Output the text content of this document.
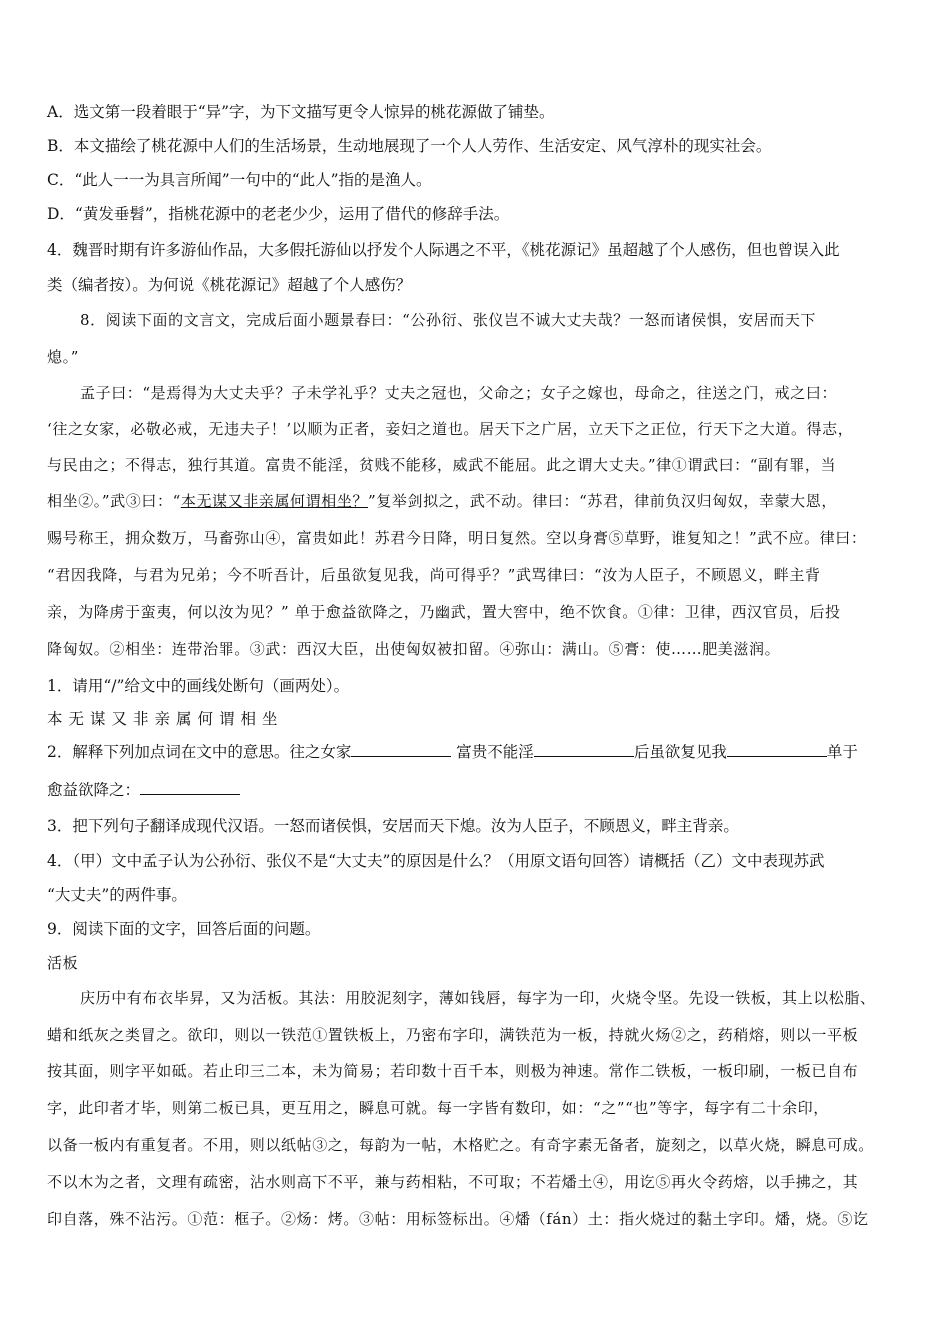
A．选文第一段着眼于“异”字，为下文描写更令人惊异的桃花源做了铺垫。
B．本文描绘了桃花源中人们的生活场景，生动地展现了一个人人劳作、生活安定、风气淳朴的现实社会。
C．“此人一一为具言所闻”一句中的“此人”指的是渔人。
D．“黄发垂髫”，指桃花源中的老老少少，运用了借代的修辞手法。
4．魏晋时期有许多游仙作品，大多假托游仙以抒发个人际遇之不平，《桃花源记》虽超越了个人感伤，但也曾误入此
类（编者按）。为何说《桃花源记》超越了个人感伤？
8．阅读下面的文言文，完成后面小题景春曰：“公孙衍、张仪岂不诚大丈夫哉？一怒而诸侯惧，安居而天下
熄。”
孟子曰：“是焉得为大丈夫乎？子未学礼乎？丈夫之冠也，父命之；女子之嫁也，母命之，往送之门，戒之曰：
‘往之女家，必敬必戒，无违夫子！’以顺为正者，妾妇之道也。居天下之广居，立天下之正位，行天下之大道。得志，
与民由之；不得志，独行其道。富贵不能淫，贫贱不能移，威武不能屈。此之谓大丈夫。”律①谓武曰：“副有罪，当
相坐②。”武③曰：“本无谋又非亲属何谓相坐？”复举剑拟之，武不动。律曰：“苏君，律前负汉归匈奴，幸蒙大恩，
赐号称王，拥众数万，马畜弥山④，富贵如此！苏君今日降，明日复然。空以身膏⑤草野，谁复知之！”武不应。律曰：
“君因我降，与君为兄弟；今不听吾计，后虽欲复见我，尚可得乎？”武骂律曰：“汝为人臣子，不顾恩义，畔主背
亲，为降虏于蛮夷，何以汝为见？” 单于愈益欲降之，乃幽武，置大窖中，绝不饮食。①律：卫律，西汉官员，后投
降匈奴。②相坐：连带治罪。③武：西汉大臣，出使匈奴被扣留。④弥山：满山。⑤膏：使……肥美滋润。
1．请用“/”给文中的画线处断句（画两处）。
本无谋又非亲属何谓相坐
2．解释下列加点词在文中的意思。往之女家	富贵不能淫	后虽欲复见我	单于
愈益欲降之：
3．把下列句子翻译成现代汉语。一怒而诸侯惧，安居而天下熄。汝为人臣子，不顾恩义，畔主背亲。
4．（甲）文中孟子认为公孙衍、张仪不是“大丈夫”的原因是什么？（用原文语句回答）请概括（乙）文中表现苏武
“大丈夫”的两件事。
9．阅读下面的文字，回答后面的问题。
活板
庆历中有布衣毕昇，又为活板。其法：用胶泥刻字，薄如钱唇，每字为一印，火烧令坚。先设一铁板，其上以松脂、
蜡和纸灰之类冒之。欲印，则以一铁范①置铁板上，乃密布字印，满铁范为一板，持就火炀②之，药稍熔，则以一平板
按其面，则字平如砥。若止印三二本，未为简易；若印数十百千本，则极为神速。常作二铁板，一板印刷，一板已自布
字，此印者才毕，则第二板已具，更互用之，瞬息可就。每一字皆有数印，如：“之”“也”等字，每字有二十余印，
以备一板内有重复者。不用，则以纸帖③之，每韵为一帖，木格贮之。有奇字素无备者，旋刻之，以草火烧，瞬息可成。
不以木为之者，文理有疏密，沾水则高下不平，兼与药相粘，不可取；不若燔土④，用讫⑤再火令药熔，以手拂之，其
印自落，殊不沾污。①范：框子。②炀：烤。③帖：用标签标出。④燔（fán）土：指火烧过的黏土字印。燔，烧。⑤讫
